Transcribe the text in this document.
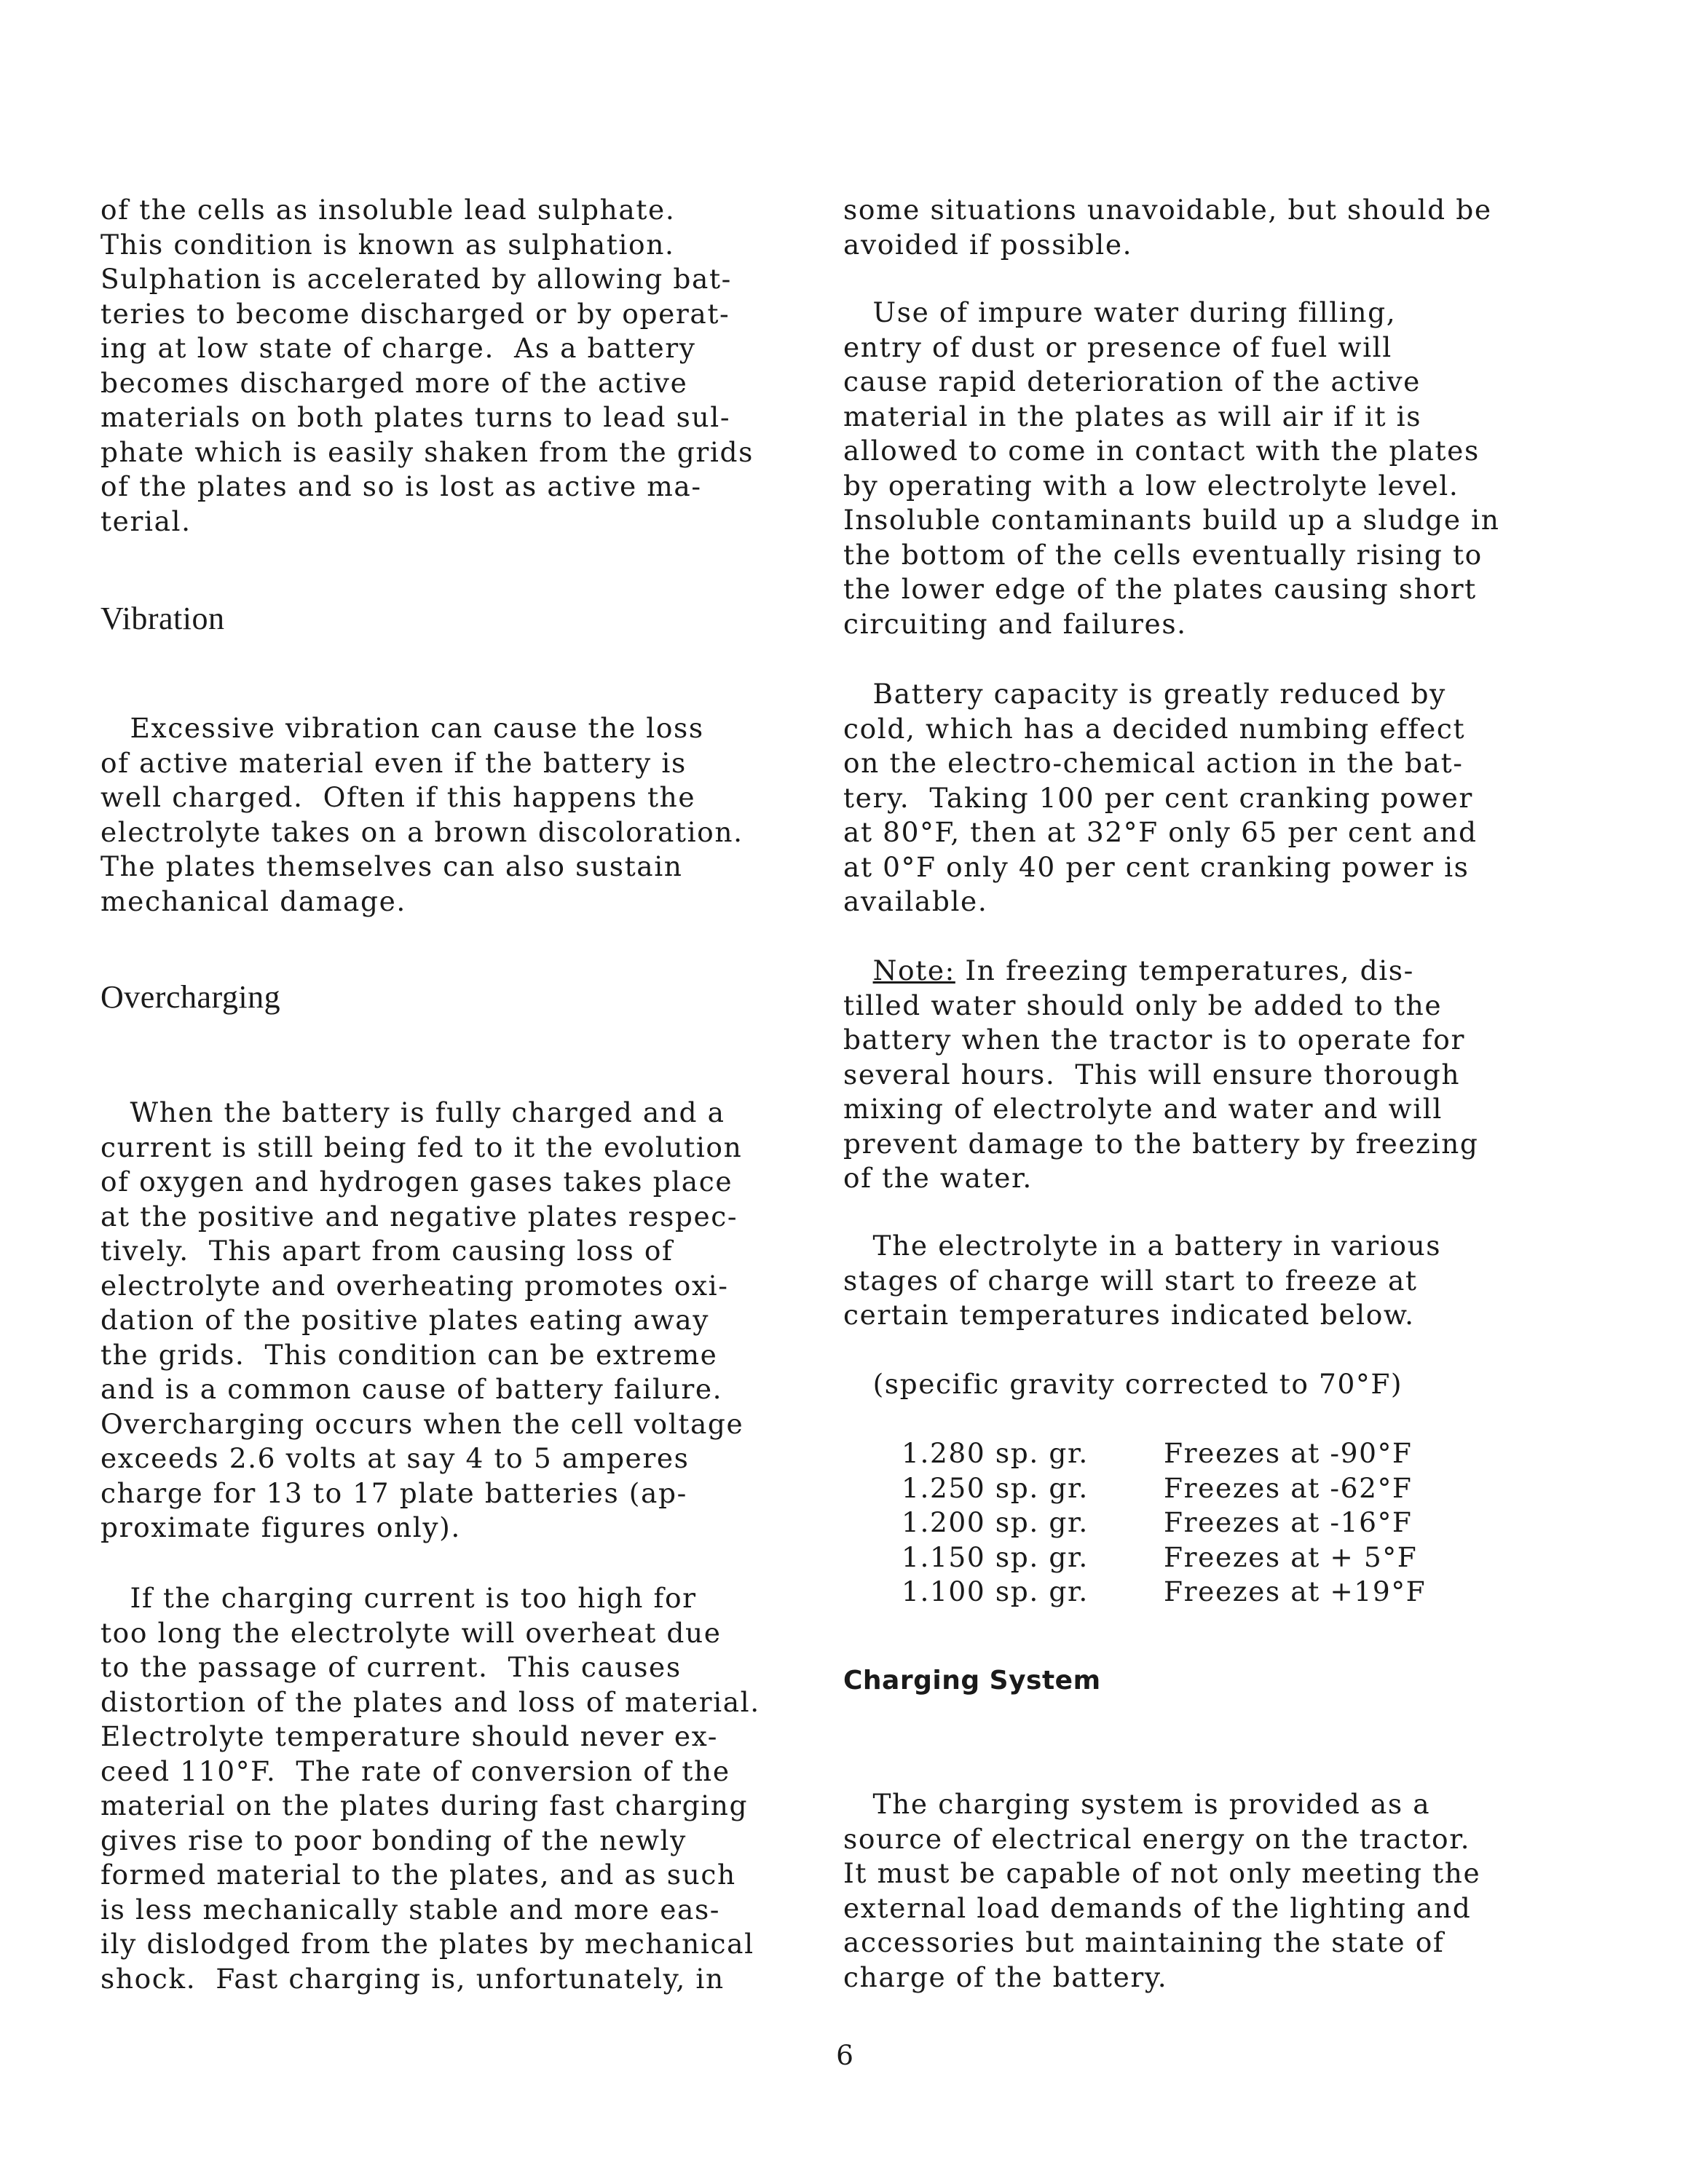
of the cells as insoluble lead sulphate.
This condition is known as sulphation.
Sulphation is accelerated by allowing bat-
teries to become discharged or by operat-
ing at low state of charge.  As a battery
becomes discharged more of the active
materials on both plates turns to lead sul-
phate which is easily shaken from the grids
of the plates and so is lost as active ma-
terial.

Vibration

Excessive vibration can cause the loss
of active material even if the battery is
well charged.  Often if this happens the
electrolyte takes on a brown discoloration.
The plates themselves can also sustain
mechanical damage.

Overcharging

When the battery is fully charged and a
current is still being fed to it the evolution
of oxygen and hydrogen gases takes place
at the positive and negative plates respec-
tively.  This apart from causing loss of
electrolyte and overheating promotes oxi-
dation of the positive plates eating away
the grids.  This condition can be extreme
and is a common cause of battery failure.
Overcharging occurs when the cell voltage
exceeds 2.6 volts at say 4 to 5 amperes
charge for 13 to 17 plate batteries (ap-
proximate figures only).

If the charging current is too high for
too long the electrolyte will overheat due
to the passage of current.  This causes
distortion of the plates and loss of material.
Electrolyte temperature should never ex-
ceed 110°F.  The rate of conversion of the
material on the plates during fast charging
gives rise to poor bonding of the newly
formed material to the plates, and as such
is less mechanically stable and more eas-
ily dislodged from the plates by mechanical
shock.  Fast charging is, unfortunately, in

some situations unavoidable, but should be
avoided if possible.

Use of impure water during filling,
entry of dust or presence of fuel will
cause rapid deterioration of the active
material in the plates as will air if it is
allowed to come in contact with the plates
by operating with a low electrolyte level.
Insoluble contaminants build up a sludge in
the bottom of the cells eventually rising to
the lower edge of the plates causing short
circuiting and failures.

Battery capacity is greatly reduced by
cold, which has a decided numbing effect
on the electro-chemical action in the bat-
tery.  Taking 100 per cent cranking power
at 80°F, then at 32°F only 65 per cent and
at 0°F only 40 per cent cranking power is
available.

Note: In freezing temperatures, dis-
tilled water should only be added to the
battery when the tractor is to operate for
several hours.  This will ensure thorough
mixing of electrolyte and water and will
prevent damage to the battery by freezing
of the water.

The electrolyte in a battery in various
stages of charge will start to freeze at
certain temperatures indicated below.

(specific gravity corrected to 70°F)

1.280 sp. gr.	Freezes at -90°F
1.250 sp. gr.	Freezes at -62°F
1.200 sp. gr.	Freezes at -16°F
1.150 sp. gr.	Freezes at + 5°F
1.100 sp. gr.	Freezes at +19°F
Charging System

The charging system is provided as a
source of electrical energy on the tractor.
It must be capable of not only meeting the
external load demands of the lighting and
accessories but maintaining the state of
charge of the battery.

6
